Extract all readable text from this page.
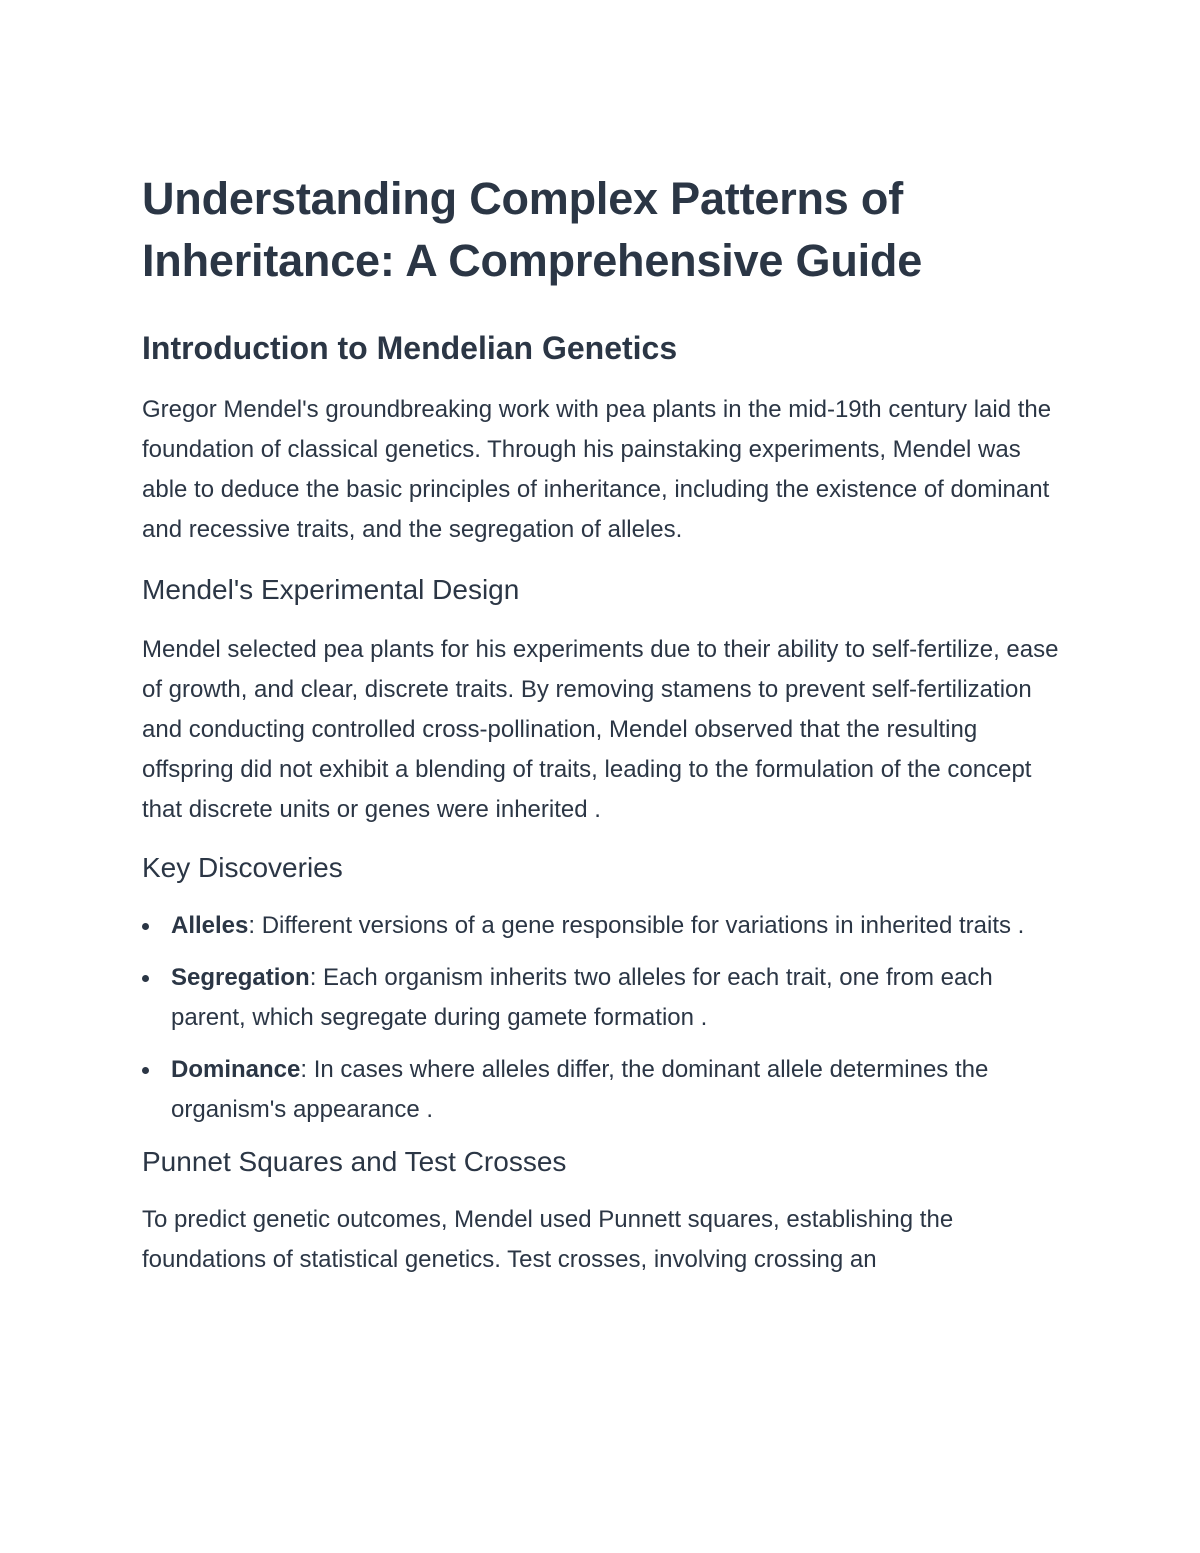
Understanding Complex Patterns of Inheritance: A Comprehensive Guide
Introduction to Mendelian Genetics

Gregor Mendel's groundbreaking work with pea plants in the mid-19th century laid the foundation of classical genetics. Through his painstaking experiments, Mendel was able to deduce the basic principles of inheritance, including the existence of dominant and recessive traits, and the segregation of alleles.

Mendel's Experimental Design

Mendel selected pea plants for his experiments due to their ability to self-fertilize, ease of growth, and clear, discrete traits. By removing stamens to prevent self-fertilization and conducting controlled cross-pollination, Mendel observed that the resulting offspring did not exhibit a blending of traits, leading to the formulation of the concept that discrete units or genes were inherited .

Key Discoveries
Alleles: Different versions of a gene responsible for variations in inherited traits .
Segregation: Each organism inherits two alleles for each trait, one from each parent, which segregate during gamete formation .
Dominance: In cases where alleles differ, the dominant allele determines the organism's appearance .
Punnet Squares and Test Crosses

To predict genetic outcomes, Mendel used Punnett squares, establishing the foundations of statistical genetics. Test crosses, involving crossing an
